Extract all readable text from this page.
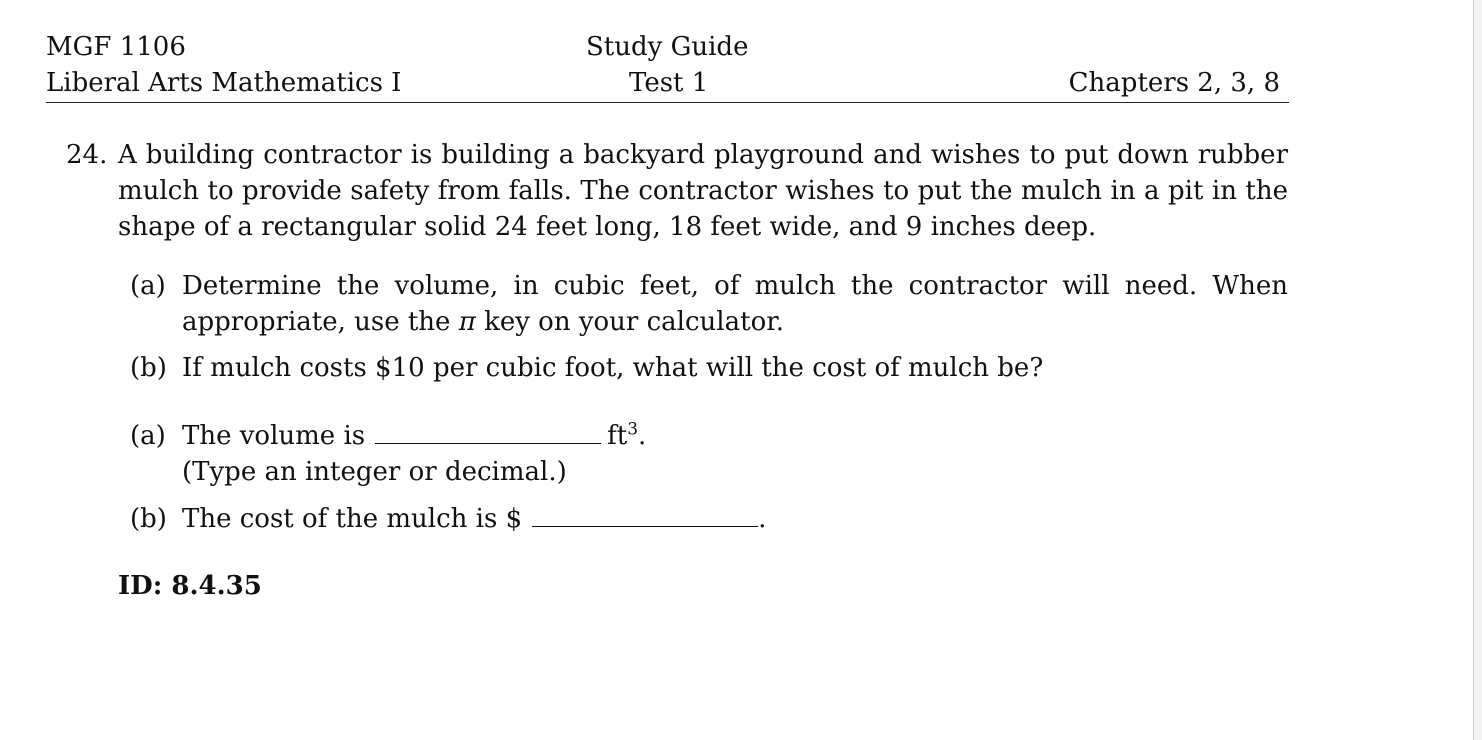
MGF 1106
Liberal Arts Mathematics I
Study Guide
Test 1	Chapters 2, 3, 8
24. A building contractor is building a backyard playground and wishes to put down rubber mulch to provide safety from falls. The contractor wishes to put the mulch in a pit in the shape of a rectangular solid 24 feet long, 18 feet wide, and 9 inches deep.
(a) Determine the volume, in cubic feet, of mulch the contractor will need. When appropriate, use the π key on your calculator.
(b) If mulch costs $10 per cubic foot, what will the cost of mulch be?
(a) The volume is	$ft^3$.
(Type an integer or decimal.)
(b) The cost of the mulch is $	.
ID: 8.4.35
